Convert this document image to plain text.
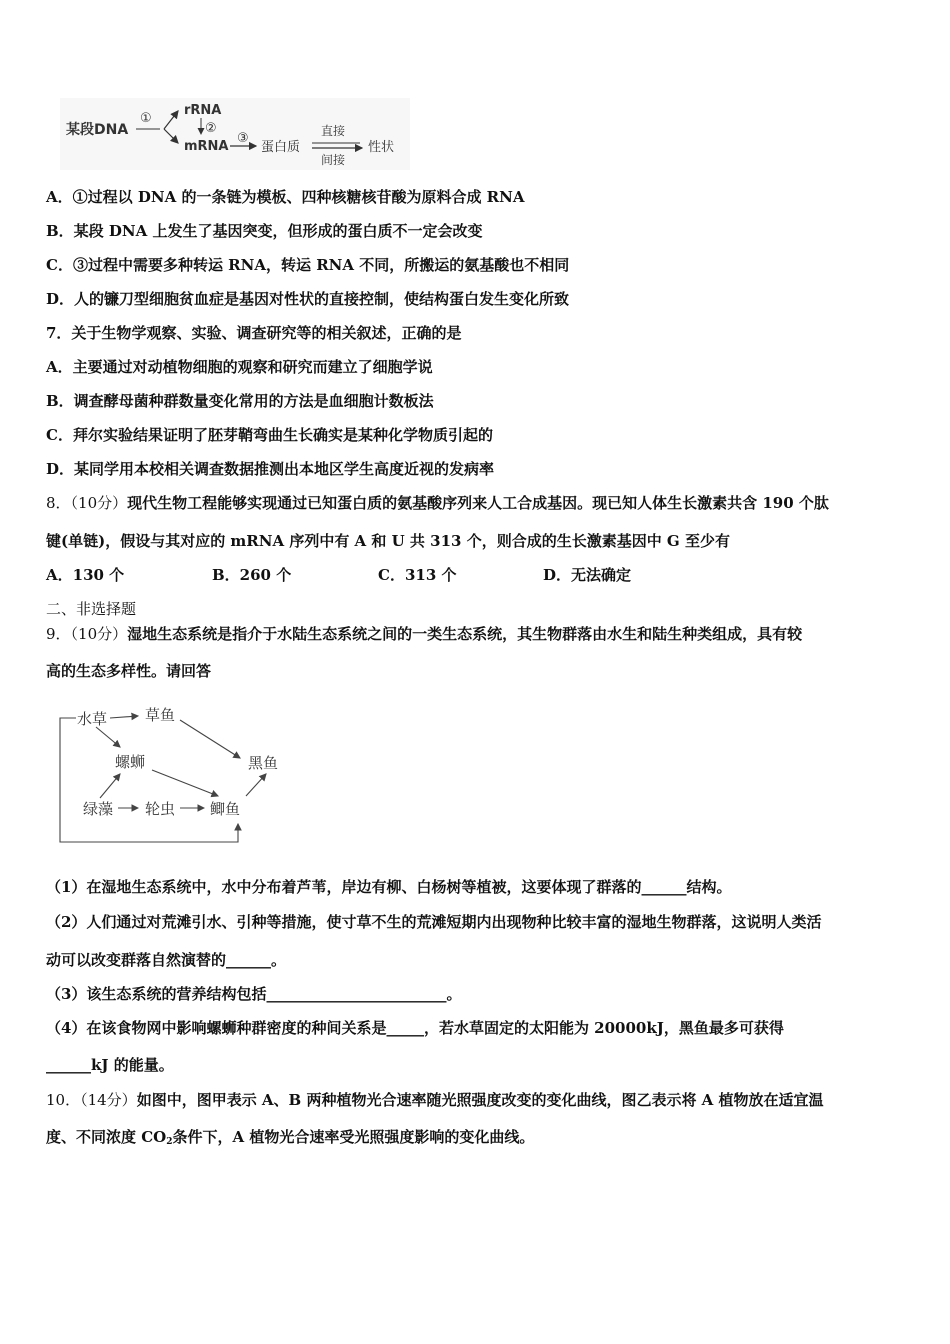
某段DNA
①
rRNA
②
mRNA
③
蛋白质
直接
间接
性状
A．①过程以 DNA 的一条链为模板、四种核糖核苷酸为原料合成 RNA
B．某段 DNA 上发生了基因突变，但形成的蛋白质不一定会改变
C．③过程中需要多种转运 RNA，转运 RNA 不同，所搬运的氨基酸也不相同
D．人的镰刀型细胞贫血症是基因对性状的直接控制，使结构蛋白发生变化所致
7．关于生物学观察、实验、调查研究等的相关叙述，正确的是
A．主要通过对动植物细胞的观察和研究而建立了细胞学说
B．调查酵母菌种群数量变化常用的方法是血细胞计数板法
C．拜尔实验结果证明了胚芽鞘弯曲生长确实是某种化学物质引起的
D．某同学用本校相关调查数据推测出本地区学生高度近视的发病率
8．（10分）现代生物工程能够实现通过已知蛋白质的氨基酸序列来人工合成基因。现已知人体生长激素共含 190 个肽
键(单链)，假设与其对应的 mRNA 序列中有 A 和 U 共 313 个，则合成的生长激素基因中 G 至少有
A．130 个	B．260 个	C．313 个	D．无法确定
二、非选择题
9．（10分）湿地生态系统是指介于水陆生态系统之间的一类生态系统，其生物群落由水生和陆生种类组成，具有较
高的生态多样性。请回答
水草	草鱼
螺蛳	黑鱼
绿藻 轮虫 鲫鱼
（1）在湿地生态系统中，水中分布着芦苇，岸边有柳、白杨树等植被，这要体现了群落的______结构。
（2）人们通过对荒滩引水、引种等措施，使寸草不生的荒滩短期内出现物种比较丰富的湿地生物群落，这说明人类活
动可以改变群落自然演替的______。
（3）该生态系统的营养结构包括________________________。
（4）在该食物网中影响螺蛳种群密度的种间关系是_____，若水草固定的太阳能为 20000kJ，黑鱼最多可获得
______kJ 的能量。
10．（14分）如图中，图甲表示 A、B 两种植物光合速率随光照强度改变的变化曲线，图乙表示将 A 植物放在适宜温
度、不同浓度 $CO_2$条件下，A 植物光合速率受光照强度影响的变化曲线。
